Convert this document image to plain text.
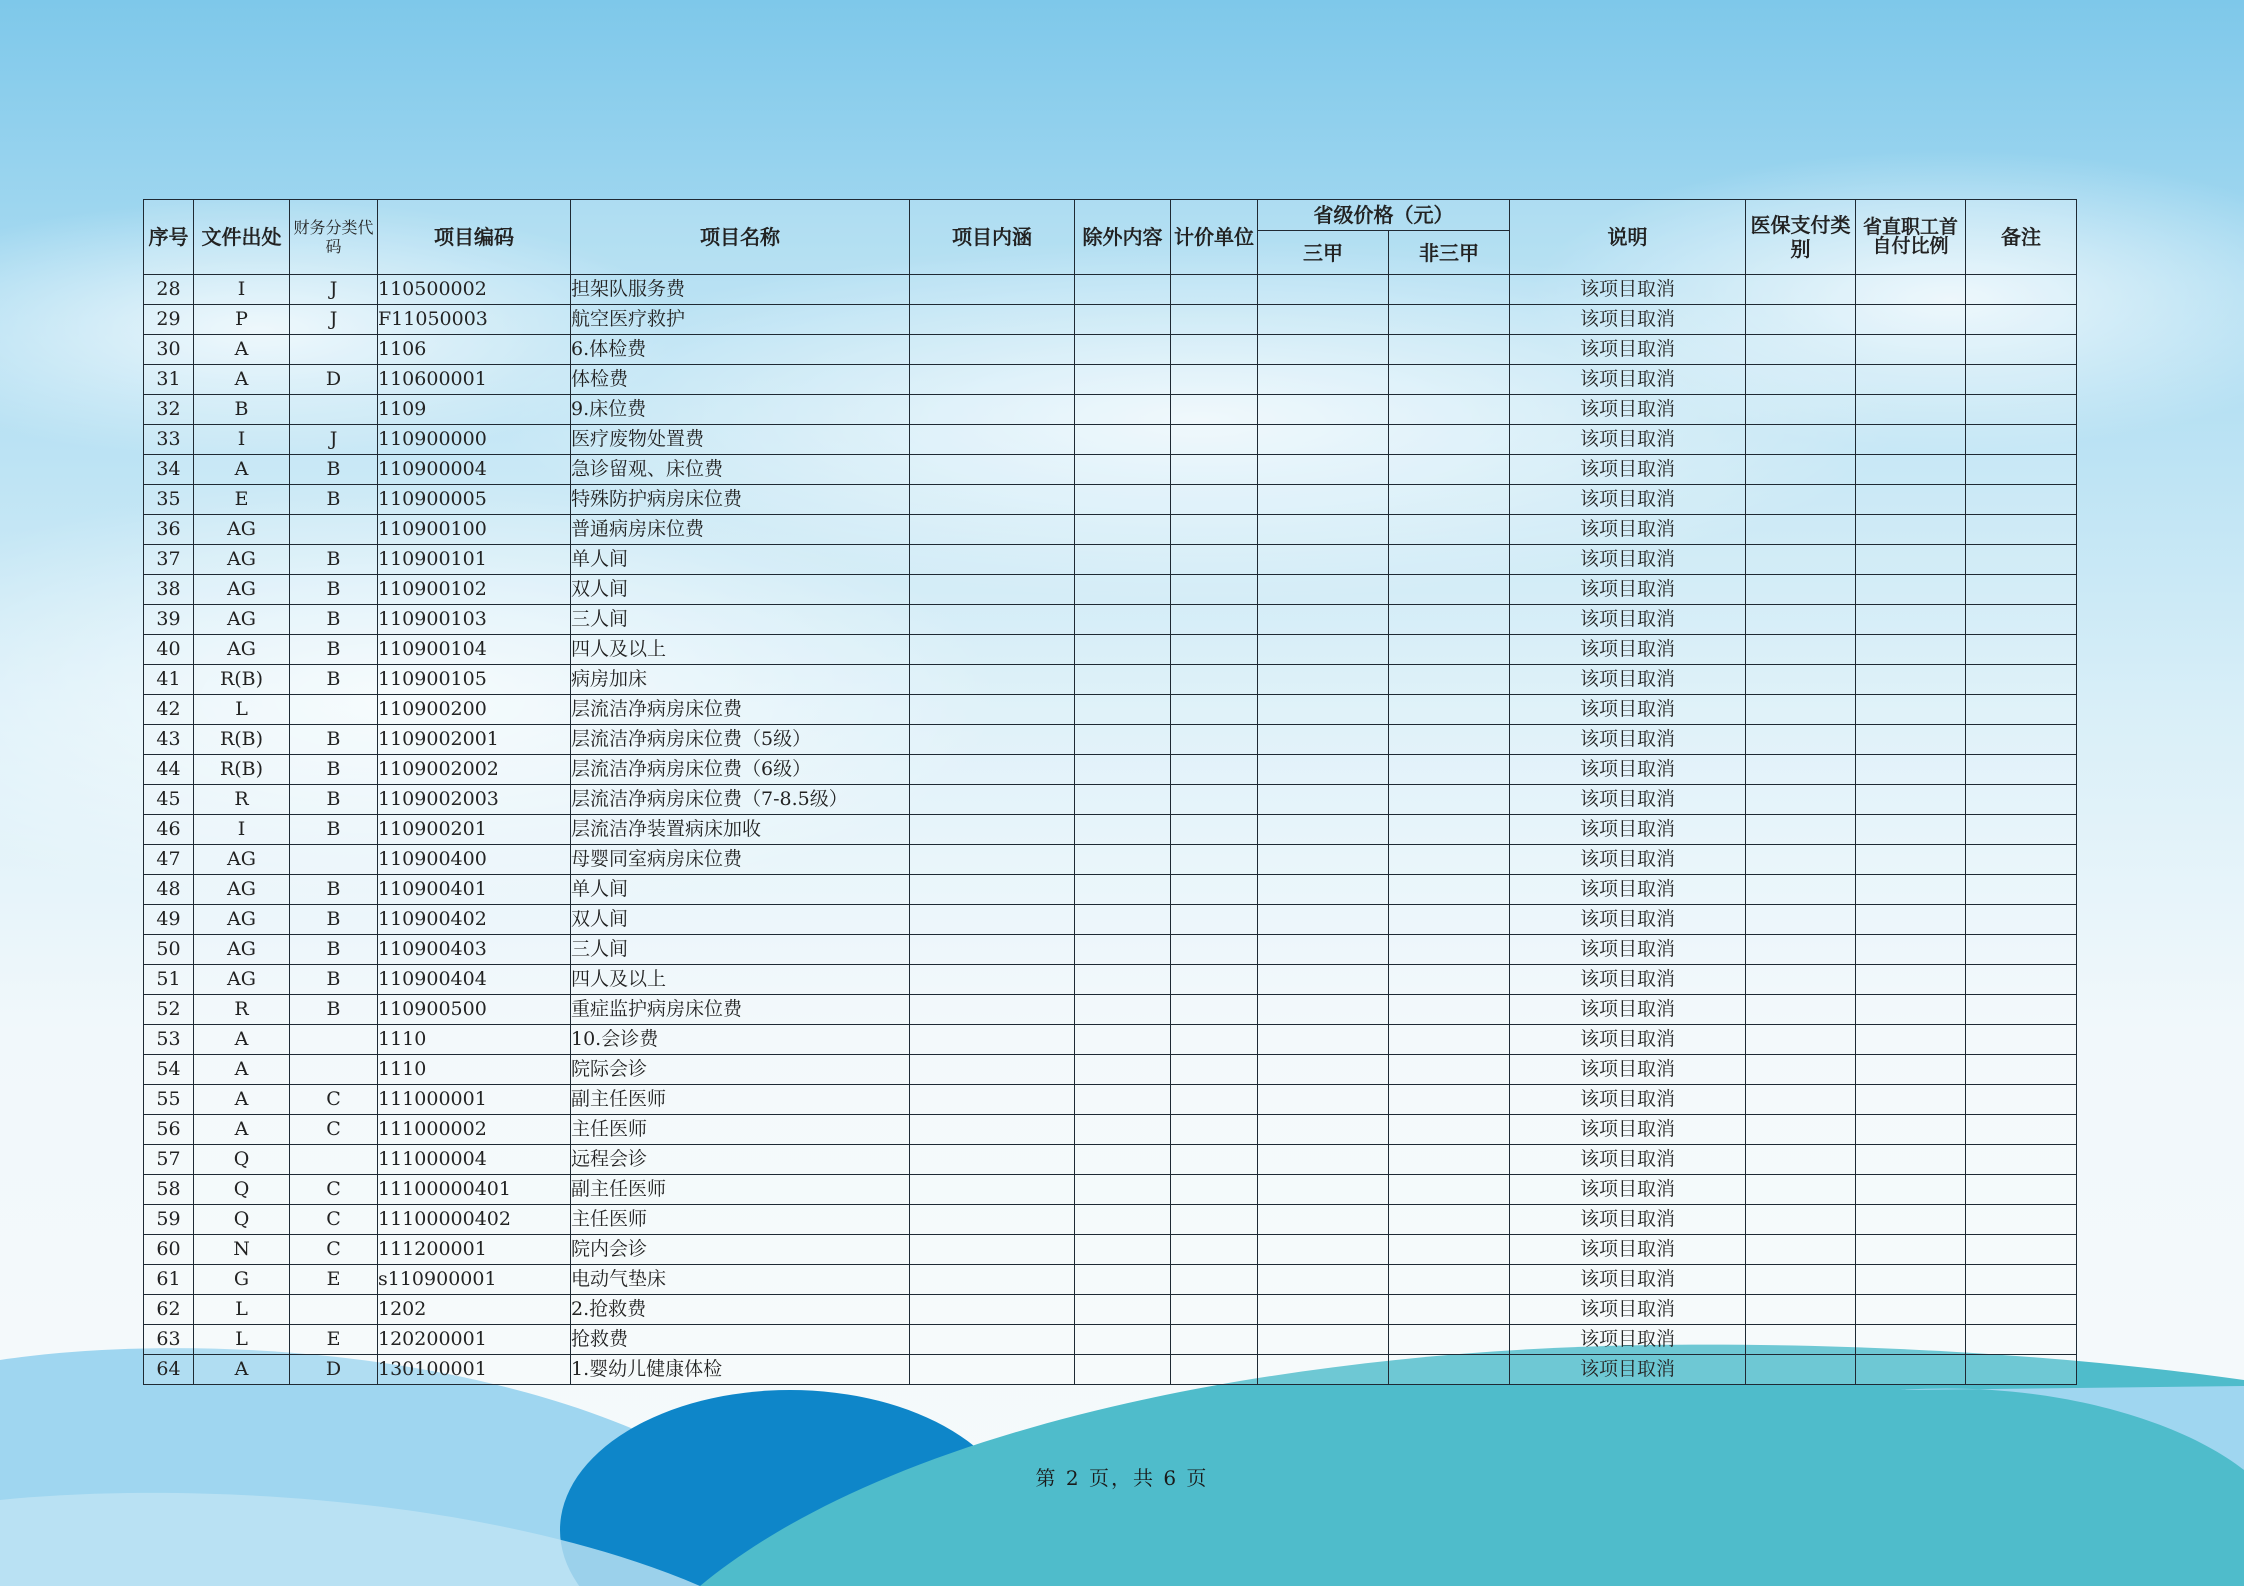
序号	文件出处	财务分类代码	项目编码	项目名称	项目内涵	除外内容	计价单位	省级价格（元）		说明	医保支付类别	省直职工首自付比例	备注
								三甲	非三甲				
28	I	J	110500002	担架队服务费						该项目取消			
29	P	J	F11050003	航空医疗救护						该项目取消			
30	A		1106	6.体检费						该项目取消			
31	A	D	110600001	体检费						该项目取消			
32	B		1109	9.床位费						该项目取消			
33	I	J	110900000	医疗废物处置费						该项目取消			
34	A	B	110900004	急诊留观、床位费						该项目取消			
35	E	B	110900005	特殊防护病房床位费						该项目取消			
36	AG		110900100	普通病房床位费						该项目取消			
37	AG	B	110900101	单人间						该项目取消			
38	AG	B	110900102	双人间						该项目取消			
39	AG	B	110900103	三人间						该项目取消			
40	AG	B	110900104	四人及以上						该项目取消			
41	R(B)	B	110900105	病房加床						该项目取消			
42	L		110900200	层流洁净病房床位费						该项目取消			
43	R(B)	B	1109002001	层流洁净病房床位费（5级）						该项目取消			
44	R(B)	B	1109002002	层流洁净病房床位费（6级）						该项目取消			
45	R	B	1109002003	层流洁净病房床位费（7-8.5级）						该项目取消			
46	I	B	110900201	层流洁净装置病床加收						该项目取消			
47	AG		110900400	母婴同室病房床位费						该项目取消			
48	AG	B	110900401	单人间						该项目取消			
49	AG	B	110900402	双人间						该项目取消			
50	AG	B	110900403	三人间						该项目取消			
51	AG	B	110900404	四人及以上						该项目取消			
52	R	B	110900500	重症监护病房床位费						该项目取消			
53	A		1110	10.会诊费						该项目取消			
54	A		1110	院际会诊						该项目取消			
55	A	C	111000001	副主任医师						该项目取消			
56	A	C	111000002	主任医师						该项目取消			
57	Q		111000004	远程会诊						该项目取消			
58	Q	C	11100000401	副主任医师						该项目取消			
59	Q	C	11100000402	主任医师						该项目取消			
60	N	C	111200001	院内会诊						该项目取消			
61	G	E	s110900001	电动气垫床						该项目取消			
62	L		1202	2.抢救费						该项目取消			
63	L	E	120200001	抢救费						该项目取消			
64	A	D	130100001	1.婴幼儿健康体检						该项目取消			
第 2 页，共 6 页
